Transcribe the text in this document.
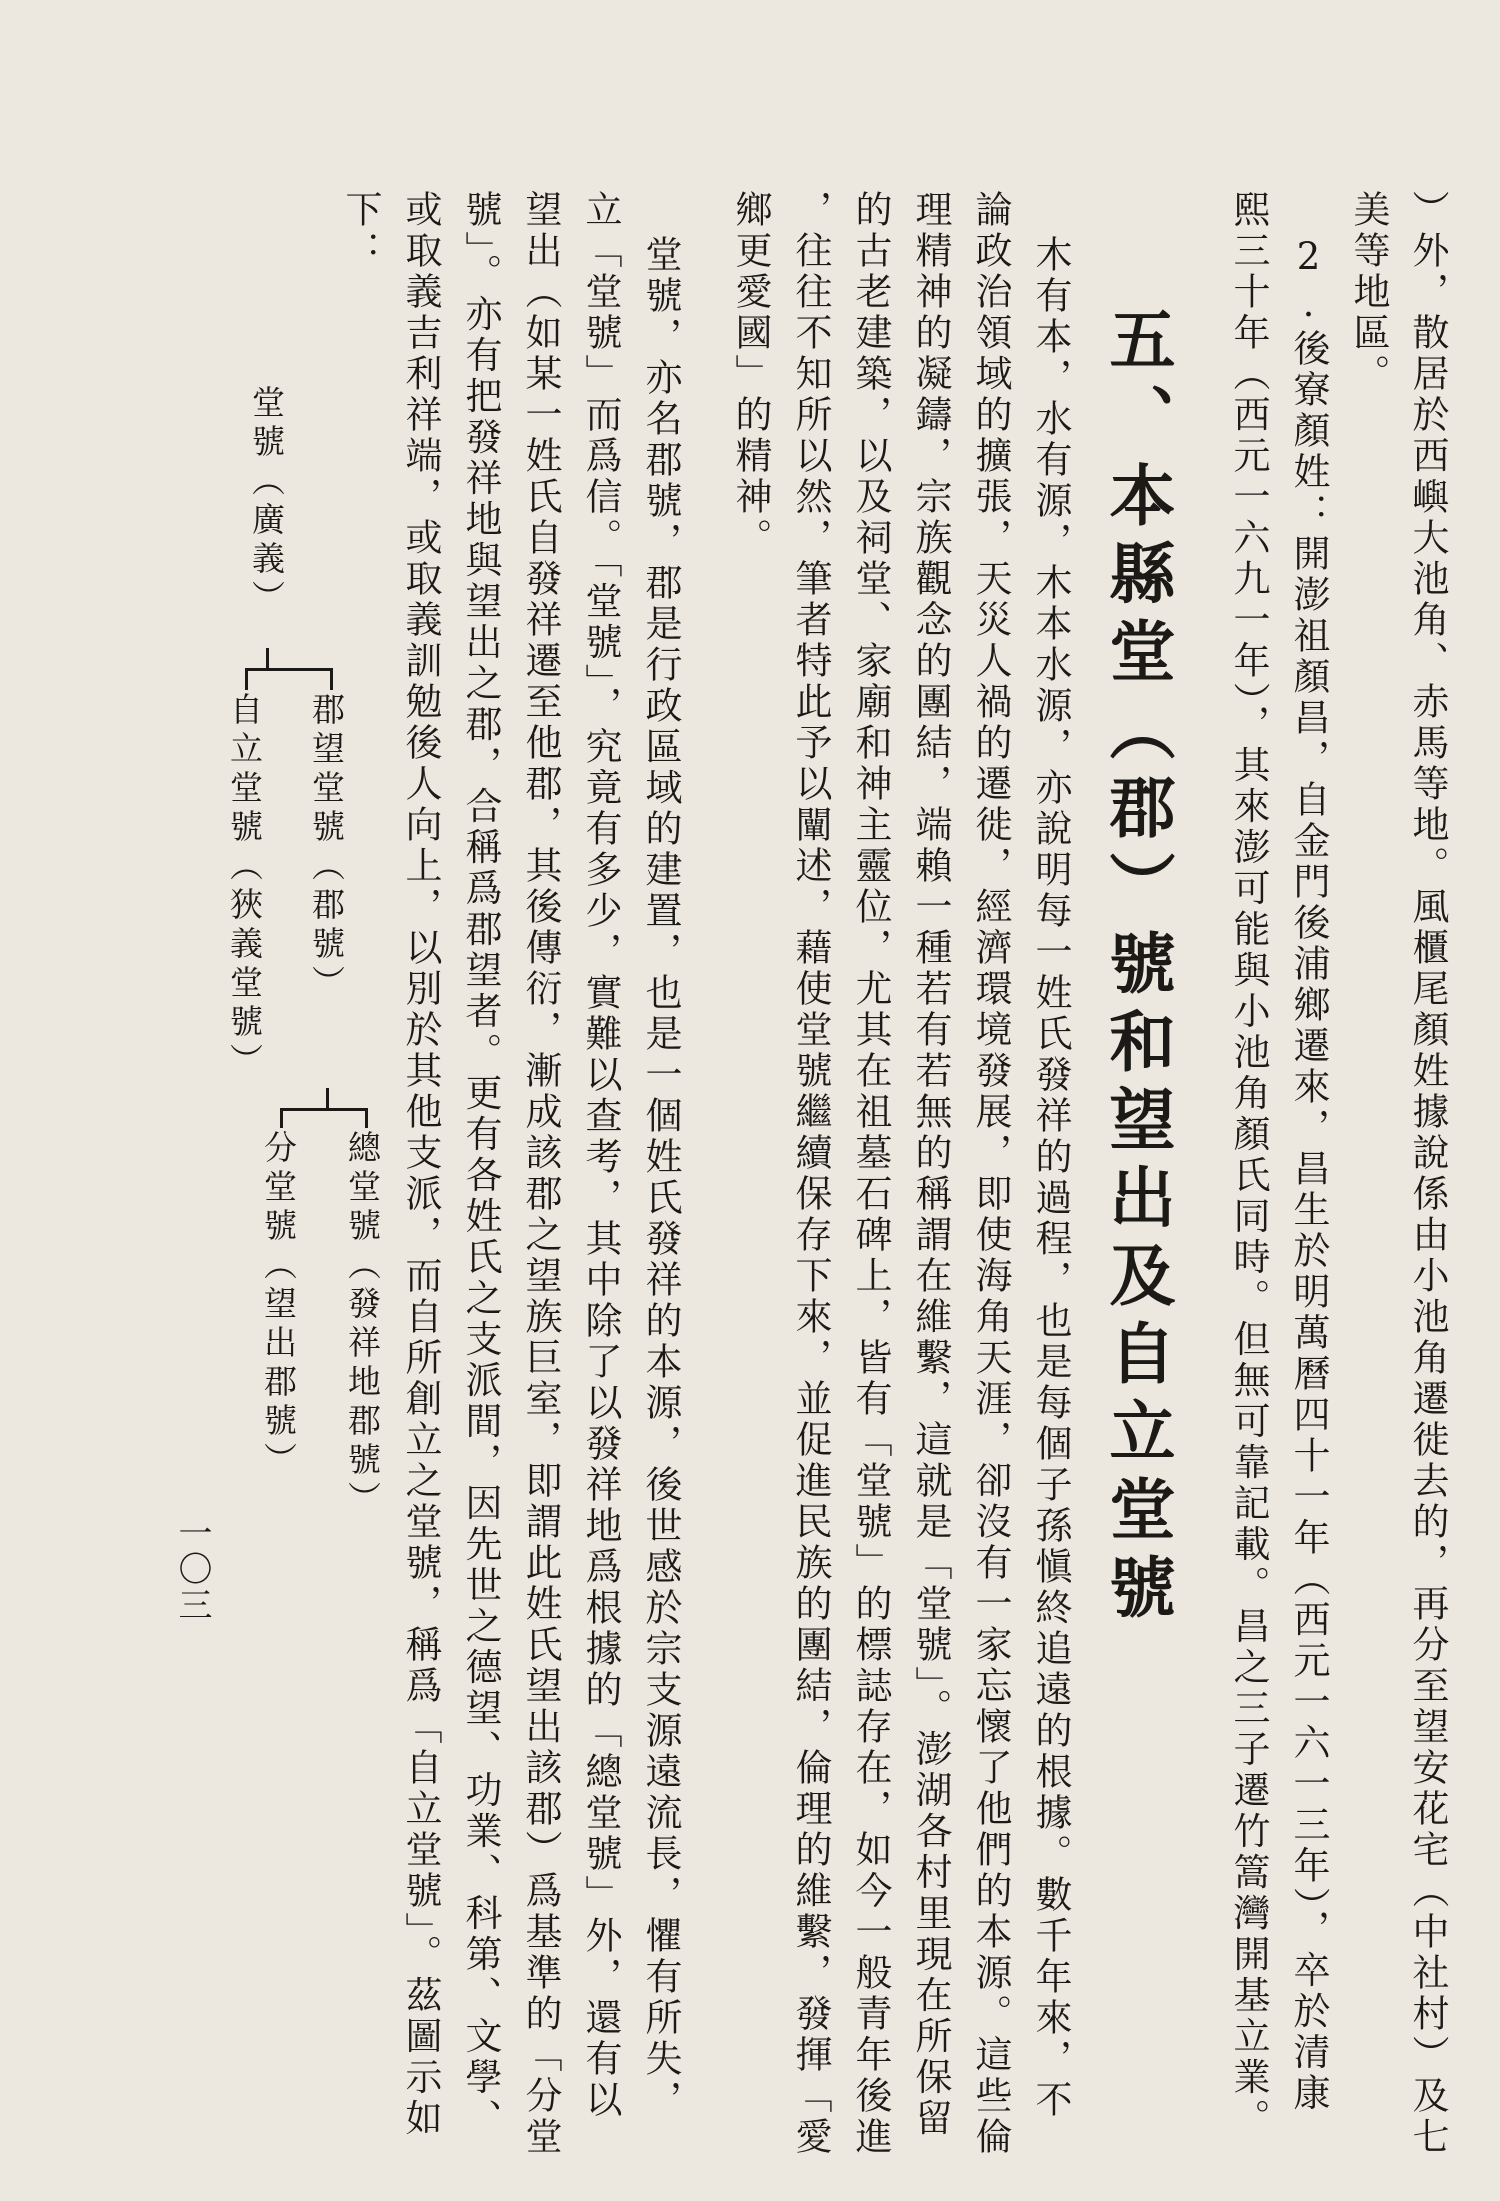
）外，散居於西嶼大池角、赤馬等地。風櫃尾顏姓據說係由小池角遷徙去的，再分至望安花宅（中社村）及七
美等地區。
2.後寮顏姓：開澎祖顏昌，自金門後浦鄉遷來，昌生於明萬曆四十一年（西元一六一三年），卒於清康
熙三十年（西元一六九一年），其來澎可能與小池角顏氏同時。但無可靠記載。昌之三子遷竹篙灣開基立業。
五、本縣堂（郡）號和望出及自立堂號
木有本，水有源，木本水源，亦說明每一姓氏發祥的過程，也是每個子孫愼終追遠的根據。數千年來，不
論政治領域的擴張，天災人禍的遷徙，經濟環境發展，即使海角天涯，卻沒有一家忘懷了他們的本源。這些倫
理精神的凝鑄，宗族觀念的團結，端賴一種若有若無的稱謂在維繫，這就是「堂號」。澎湖各村里現在所保留
的古老建築，以及祠堂、家廟和神主靈位，尤其在祖墓石碑上，皆有「堂號」的標誌存在，如今一般青年後進
，往往不知所以然，筆者特此予以闡述，藉使堂號繼續保存下來，並促進民族的團結，倫理的維繫，發揮「愛
鄉更愛國」的精神。
堂號，亦名郡號，郡是行政區域的建置，也是一個姓氏發祥的本源，後世感於宗支源遠流長，懼有所失，
立「堂號」而爲信。「堂號」，究竟有多少，實難以查考，其中除了以發祥地爲根據的「總堂號」外，還有以
望出（如某一姓氏自發祥遷至他郡，其後傳衍，漸成該郡之望族巨室，即謂此姓氏望出該郡）爲基準的「分堂
號」。亦有把發祥地與望出之郡，合稱爲郡望者。更有各姓氏之支派間，因先世之德望、功業、科第、文學、
或取義吉利祥端，或取義訓勉後人向上，以別於其他支派，而自所創立之堂號，稱爲「自立堂號」。茲圖示如
下：
堂號（廣義）
郡望堂號（郡號）
自立堂號（狹義堂號）
總堂號（發祥地郡號）
分堂號（望出郡號）
一〇三
